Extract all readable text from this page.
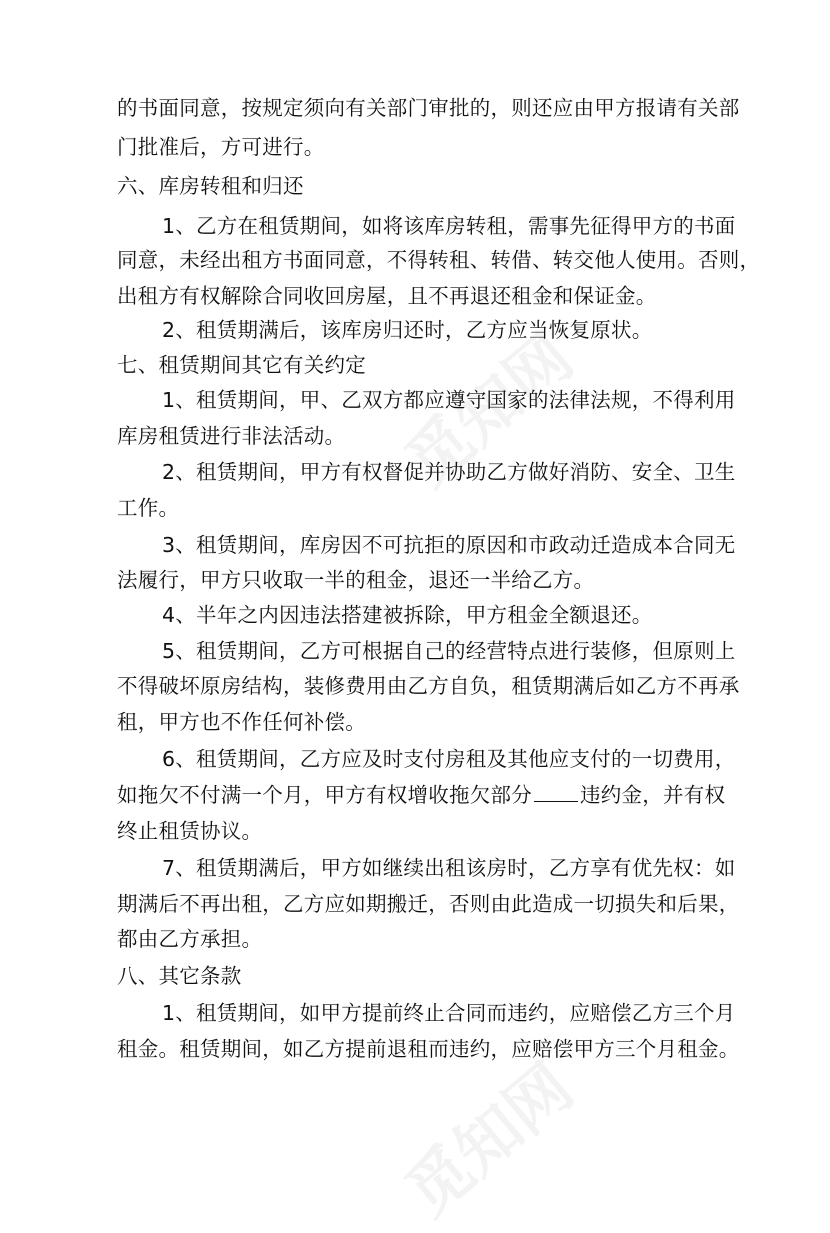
的书面同意，按规定须向有关部门审批的，则还应由甲方报请有关部
门批准后，方可进行。
六、库房转租和归还
1、乙方在租赁期间，如将该库房转租，需事先征得甲方的书面
同意，未经出租方书面同意，不得转租、转借、转交他人使用。否则，
出租方有权解除合同收回房屋，且不再退还租金和保证金。
2、租赁期满后，该库房归还时，乙方应当恢复原状。
七、租赁期间其它有关约定
1、租赁期间，甲、乙双方都应遵守国家的法律法规，不得利用
库房租赁进行非法活动。
2、租赁期间，甲方有权督促并协助乙方做好消防、安全、卫生
工作。
3、租赁期间，库房因不可抗拒的原因和市政动迁造成本合同无
法履行，甲方只收取一半的租金，退还一半给乙方。
4、半年之内因违法搭建被拆除，甲方租金全额退还。
5、租赁期间，乙方可根据自己的经营特点进行装修，但原则上
不得破坏原房结构，装修费用由乙方自负，租赁期满后如乙方不再承
租，甲方也不作任何补偿。
6、租赁期间，乙方应及时支付房租及其他应支付的一切费用，
如拖欠不付满一个月，甲方有权增收拖欠部分 违约金，并有权
终止租赁协议。
7、租赁期满后，甲方如继续出租该房时，乙方享有优先权：如
期满后不再出租，乙方应如期搬迁，否则由此造成一切损失和后果，
都由乙方承担。
八、其它条款
1、租赁期间，如甲方提前终止合同而违约，应赔偿乙方三个月
租金。租赁期间，如乙方提前退租而违约，应赔偿甲方三个月租金。
